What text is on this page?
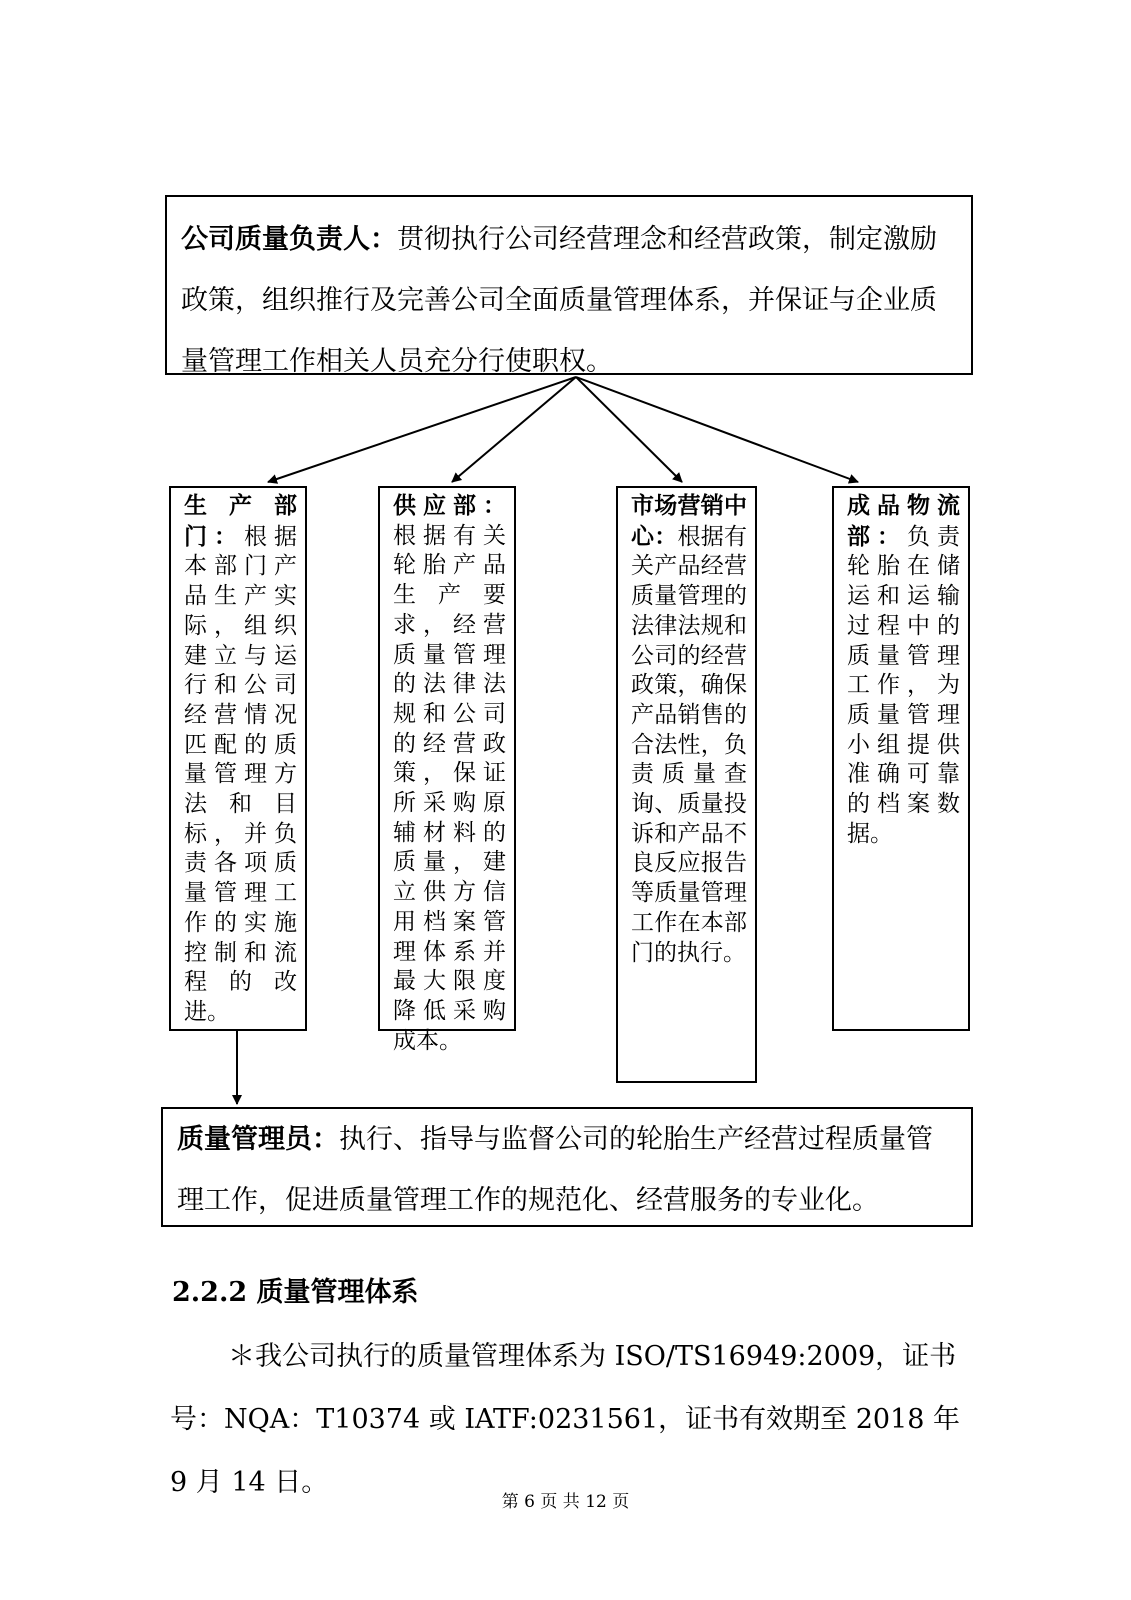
公司质量负责人：贯彻执行公司经营理念和经营政策，制定激励政策，组织推行及完善公司全面质量管理体系，并保证与企业质量管理工作相关人员充分行使职权。
生产部门：根据本部门产品生产实际，组织建立与运行和公司经营情况匹配的质量管理方法和目标，并负责各项质量管理工作的实施控制和流程的改进。
供应部：根据有关轮胎产品生产要求，经营质量管理的法律法规和公司的经营政策，保证所采购原辅材料的质量，建立供方信用档案管理体系并最大限度降低采购成本。
市场营销中心：根据有关产品经营质量管理的法律法规和公司的经营政策，确保产品销售的合法性，负责质量查询、质量投诉和产品不良反应报告等质量管理工作在本部门的执行。
成品物流部：负责轮胎在储运和运输过程中的质量管理工作，为质量管理小组提供准确可靠的档案数据。
质量管理员：执行、指导与监督公司的轮胎生产经营过程质量管理工作，促进质量管理工作的规范化、经营服务的专业化。
2.2.2 质量管理体系
＊我公司执行的质量管理体系为 ISO/TS16949:2009，证书号：NQA：T10374 或 IATF:0231561，证书有效期至 2018 年 9 月 14 日。
第 6 页 共 12 页
